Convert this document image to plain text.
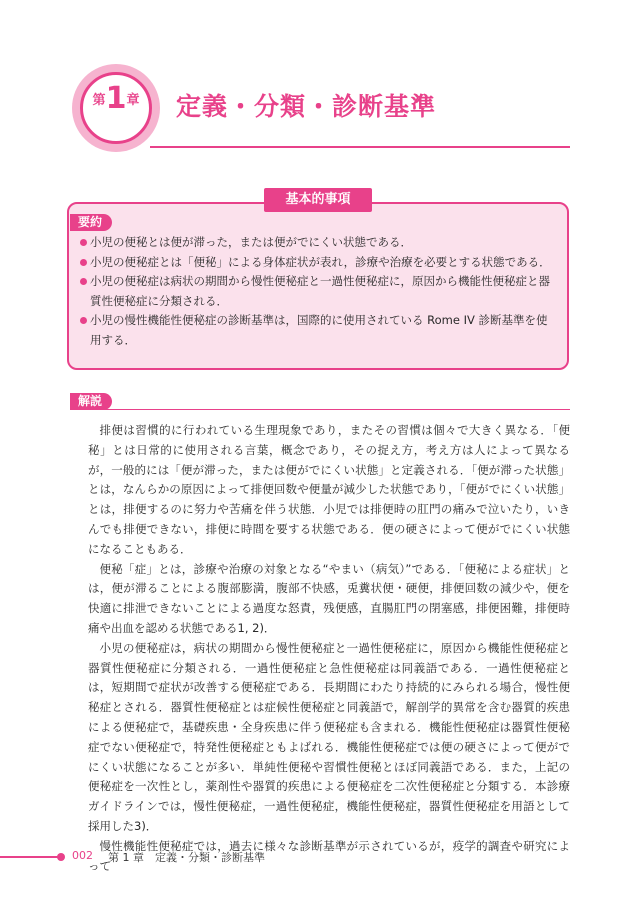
第1章	定義・分類・診断基準
基本的事項
要約
小児の便秘とは便が滞った，または便がでにくい状態である．
小児の便秘症とは「便秘」による身体症状が表れ，診療や治療を必要とする状態である．
小児の便秘症は病状の期間から慢性便秘症と一過性便秘症に，原因から機能性便秘症と器質性便秘症に分類される．
小児の慢性機能性便秘症の診断基準は，国際的に使用されている Rome IV 診断基準を使用する．
解説

排便は習慣的に行われている生理現象であり，またその習慣は個々で大きく異なる．「便秘」とは日常的に使用される言葉，概念であり，その捉え方，考え方は人によって異なるが，一般的には「便が滞った，または便がでにくい状態」と定義される．「便が滞った状態」とは，なんらかの原因によって排便回数や便量が減少した状態であり，「便がでにくい状態」とは，排便するのに努力や苦痛を伴う状態．小児では排便時の肛門の痛みで泣いたり，いきんでも排便できない，排便に時間を要する状態である．便の硬さによって便がでにくい状態になることもある．

便秘「症」とは，診療や治療の対象となる“やまい（病気）”である．「便秘による症状」とは，便が滞ることによる腹部膨満，腹部不快感，兎糞状便・硬便，排便回数の減少や，便を快適に排泄できないことによる過度な怒責，残便感，直腸肛門の閉塞感，排便困難，排便時痛や出血を認める状態である1, 2)．

小児の便秘症は，病状の期間から慢性便秘症と一過性便秘症に，原因から機能性便秘症と器質性便秘症に分類される．一過性便秘症と急性便秘症は同義語である．一過性便秘症とは，短期間で症状が改善する便秘症である．長期間にわたり持続的にみられる場合，慢性便秘症とされる．器質性便秘症とは症候性便秘症と同義語で，解剖学的異常を含む器質的疾患による便秘症で，基礎疾患・全身疾患に伴う便秘症も含まれる．機能性便秘症は器質性便秘症でない便秘症で，特発性便秘症ともよばれる．機能性便秘症では便の硬さによって便がでにくい状態になることが多い．単純性便秘や習慣性便秘とほぼ同義語である．また，上記の便秘症を一次性とし，薬剤性や器質的疾患による便秘症を二次性便秘症と分類する．本診療ガイドラインでは，慢性便秘症，一過性便秘症，機能性便秘症，器質性便秘症を用語として採用した3)．

慢性機能性便秘症では，過去に様々な診断基準が示されているが，疫学的調査や研究によって

002 第 1 章　定義・分類・診断基準
